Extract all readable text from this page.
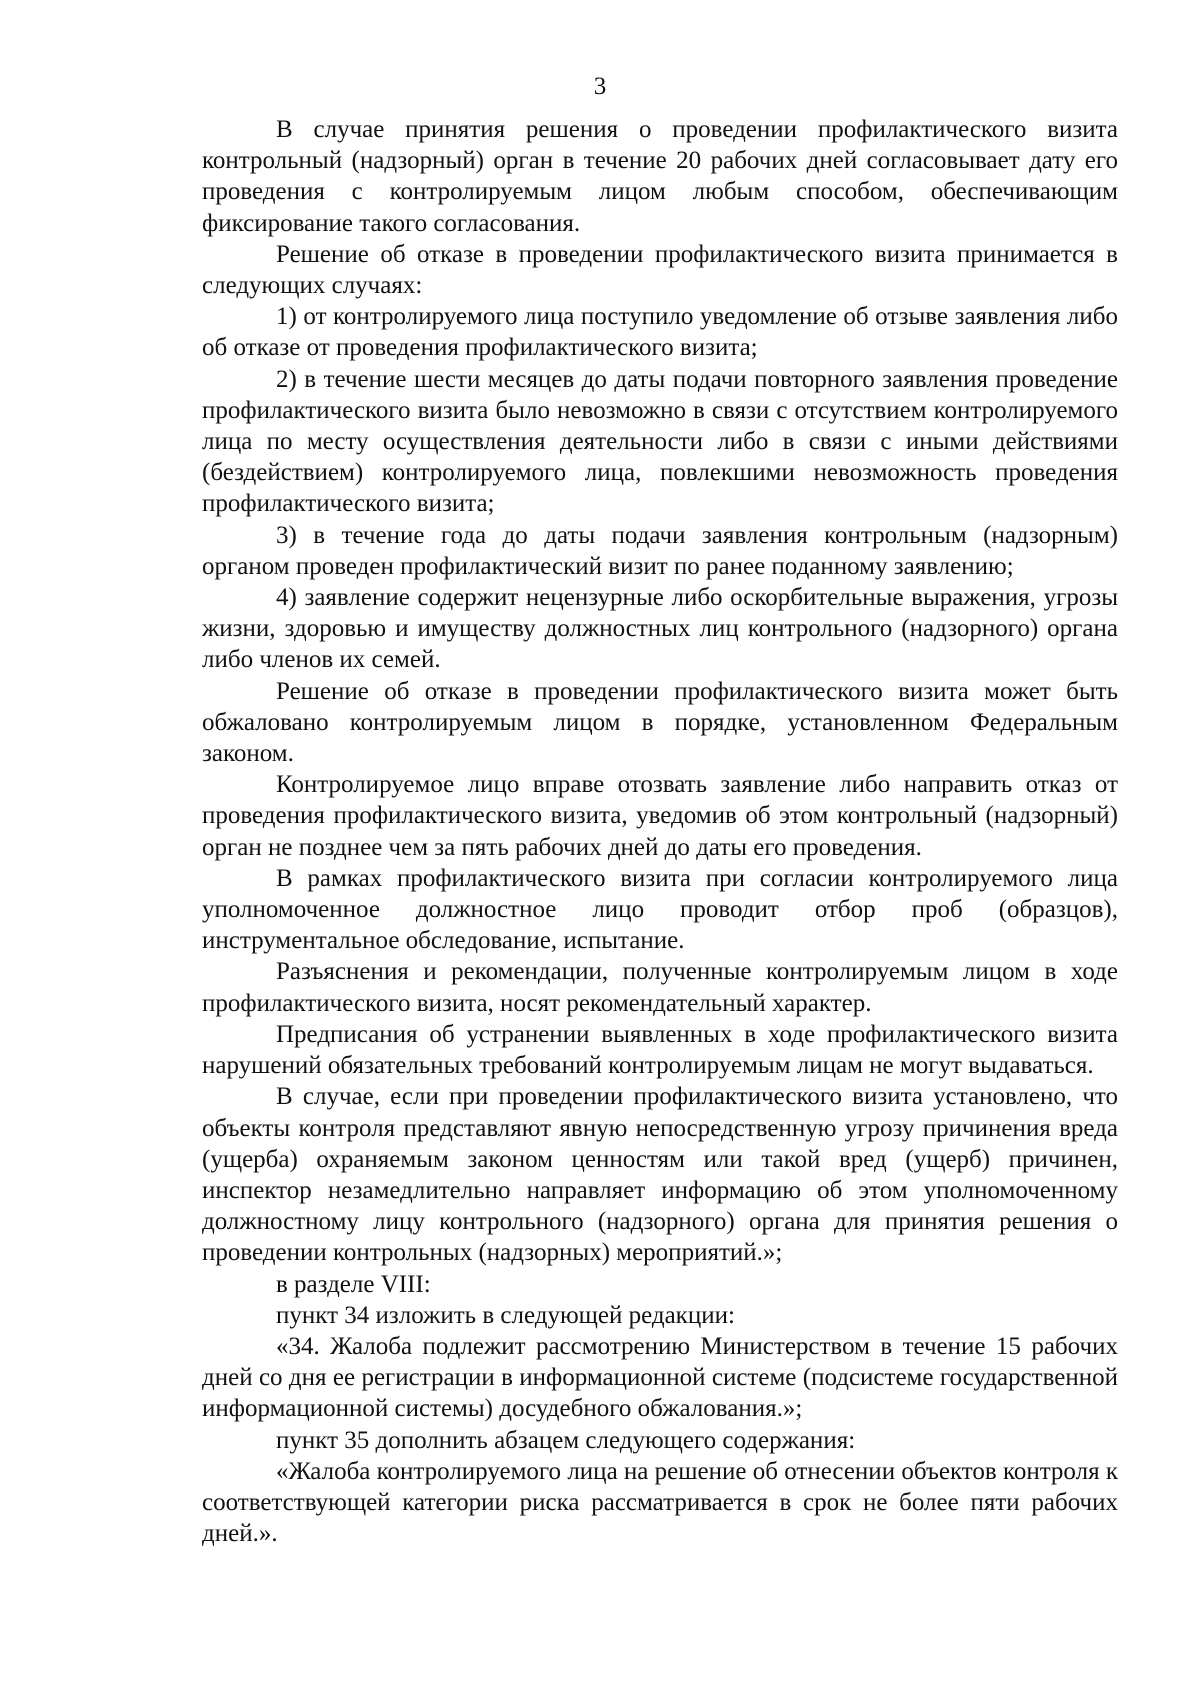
3

В случае принятия решения о проведении профилактического визита контрольный (надзорный) орган в течение 20 рабочих дней согласовывает дату его проведения с контролируемым лицом любым способом, обеспечивающим фиксирование такого согласования.

Решение об отказе в проведении профилактического визита принимается в следующих случаях:

1) от контролируемого лица поступило уведомление об отзыве заявления либо об отказе от проведения профилактического визита;

2) в течение шести месяцев до даты подачи повторного заявления проведение профилактического визита было невозможно в связи с отсутствием контролируемого лица по месту осуществления деятельности либо в связи с иными действиями (бездействием) контролируемого лица, повлекшими невозможность проведения профилактического визита;

3) в течение года до даты подачи заявления контрольным (надзорным) органом проведен профилактический визит по ранее поданному заявлению;

4) заявление содержит нецензурные либо оскорбительные выражения, угрозы жизни, здоровью и имуществу должностных лиц контрольного (надзорного) органа либо членов их семей.

Решение об отказе в проведении профилактического визита может быть обжаловано контролируемым лицом в порядке, установленном Федеральным законом.

Контролируемое лицо вправе отозвать заявление либо направить отказ от проведения профилактического визита, уведомив об этом контрольный (надзорный) орган не позднее чем за пять рабочих дней до даты его проведения.

В рамках профилактического визита при согласии контролируемого лица уполномоченное должностное лицо проводит отбор проб (образцов), инструментальное обследование, испытание.

Разъяснения и рекомендации, полученные контролируемым лицом в ходе профилактического визита, носят рекомендательный характер.

Предписания об устранении выявленных в ходе профилактического визита нарушений обязательных требований контролируемым лицам не могут выдаваться.

В случае, если при проведении профилактического визита установлено, что объекты контроля представляют явную непосредственную угрозу причинения вреда (ущерба) охраняемым законом ценностям или такой вред (ущерб) причинен, инспектор незамедлительно направляет информацию об этом уполномоченному должностному лицу контрольного (надзорного) органа для принятия решения о проведении контрольных (надзорных) мероприятий.»;

в разделе VIII:

пункт 34 изложить в следующей редакции:

«34. Жалоба подлежит рассмотрению Министерством в течение 15 рабочих дней со дня ее регистрации в информационной системе (подсистеме государственной информационной системы) досудебного обжалования.»;

пункт 35 дополнить абзацем следующего содержания:

«Жалоба контролируемого лица на решение об отнесении объектов контроля к соответствующей категории риска рассматривается в срок не более пяти рабочих дней.».
